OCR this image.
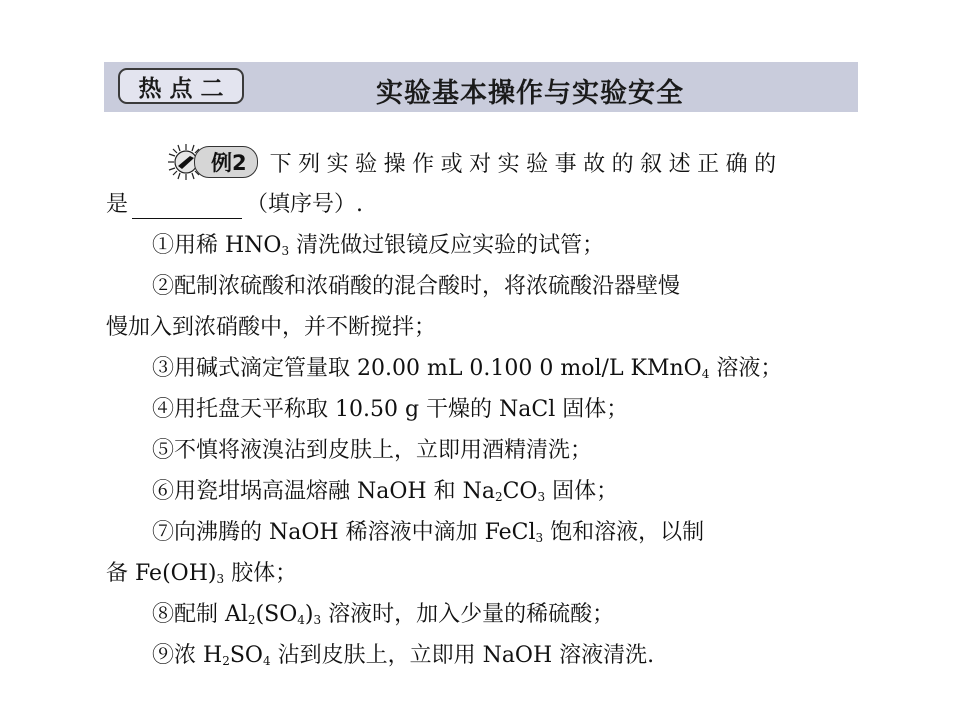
热点二	实验基本操作与实验安全
例2	下列实验操作或对实验事故的叙述正确的
是	（填序号）.
①用稀 $HNO_3$ 清洗做过银镜反应实验的试管；
②配制浓硫酸和浓硝酸的混合酸时，将浓硫酸沿器壁慢
慢加入到浓硝酸中，并不断搅拌；
③用碱式滴定管量取 20.00 mL 0.100 0 mol/L KMnO$_4$ 溶液；
④用托盘天平称取 10.50 g 干燥的 NaCl 固体；
⑤不慎将液溴沾到皮肤上，立即用酒精清洗；
⑥用瓷坩埚高温熔融 NaOH 和 $Na_2CO_3$ 固体；
⑦向沸腾的 NaOH 稀溶液中滴加 FeCl$_3$ 饱和溶液，以制
备 $Fe(OH)_3$ 胶体；
⑧配制 $Al_2(SO_4)_3$ 溶液时，加入少量的稀硫酸；
⑨浓 $H_2SO_4$ 沾到皮肤上，立即用 NaOH 溶液清洗.
